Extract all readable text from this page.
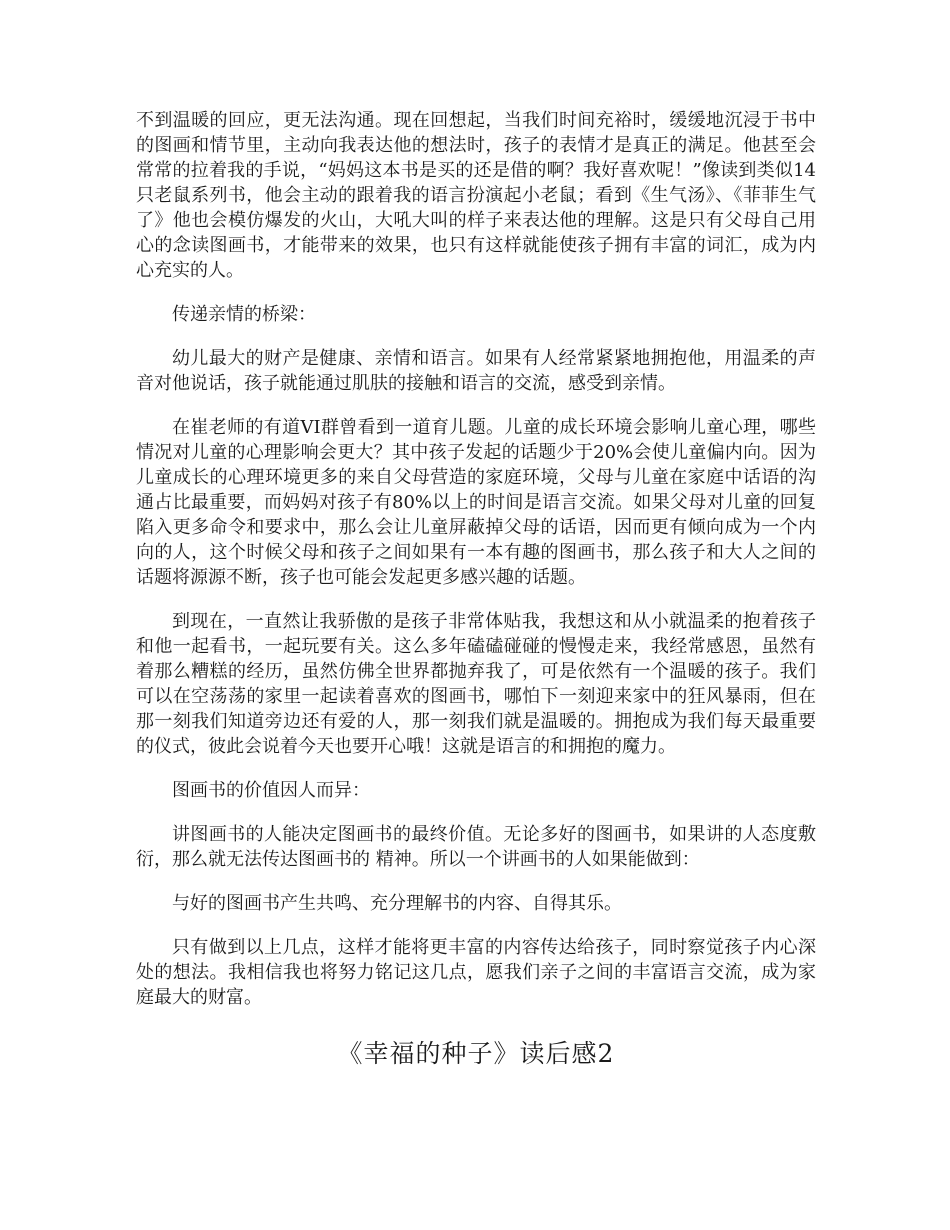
不到温暖的回应，更无法沟通。现在回想起，当我们时间充裕时，缓缓地沉浸于书中的图画和情节里，主动向我表达他的想法时，孩子的表情才是真正的满足。他甚至会常常的拉着我的手说，“妈妈这本书是买的还是借的啊？我好喜欢呢！”像读到类似14只老鼠系列书，他会主动的跟着我的语言扮演起小老鼠；看到《生气汤》、《菲菲生气了》他也会模仿爆发的火山，大吼大叫的样子来表达他的理解。这是只有父母自己用心的念读图画书，才能带来的效果，也只有这样就能使孩子拥有丰富的词汇，成为内心充实的人。

传递亲情的桥梁：

幼儿最大的财产是健康、亲情和语言。如果有人经常紧紧地拥抱他，用温柔的声音对他说话，孩子就能通过肌肤的接触和语言的交流，感受到亲情。

在崔老师的有道VI群曾看到一道育儿题。儿童的成长环境会影响儿童心理，哪些情况对儿童的心理影响会更大？其中孩子发起的话题少于20%会使儿童偏内向。因为儿童成长的心理环境更多的来自父母营造的家庭环境，父母与儿童在家庭中话语的沟通占比最重要，而妈妈对孩子有80%以上的时间是语言交流。如果父母对儿童的回复陷入更多命令和要求中，那么会让儿童屏蔽掉父母的话语，因而更有倾向成为一个内向的人，这个时候父母和孩子之间如果有一本有趣的图画书，那么孩子和大人之间的话题将源源不断，孩子也可能会发起更多感兴趣的话题。

到现在，一直然让我骄傲的是孩子非常体贴我，我想这和从小就温柔的抱着孩子和他一起看书，一起玩要有关。这么多年磕磕碰碰的慢慢走来，我经常感恩，虽然有着那么糟糕的经历，虽然仿佛全世界都抛弃我了，可是依然有一个温暖的孩子。我们可以在空荡荡的家里一起读着喜欢的图画书，哪怕下一刻迎来家中的狂风暴雨，但在那一刻我们知道旁边还有爱的人，那一刻我们就是温暖的。拥抱成为我们每天最重要的仪式，彼此会说着今天也要开心哦！这就是语言的和拥抱的魔力。

图画书的价值因人而异：

讲图画书的人能决定图画书的最终价值。无论多好的图画书，如果讲的人态度敷衍，那么就无法传达图画书的 精神。所以一个讲画书的人如果能做到：

与好的图画书产生共鸣、充分理解书的内容、自得其乐。

只有做到以上几点，这样才能将更丰富的内容传达给孩子，同时察觉孩子内心深处的想法。我相信我也将努力铭记这几点，愿我们亲子之间的丰富语言交流，成为家庭最大的财富。

《幸福的种子》读后感2
